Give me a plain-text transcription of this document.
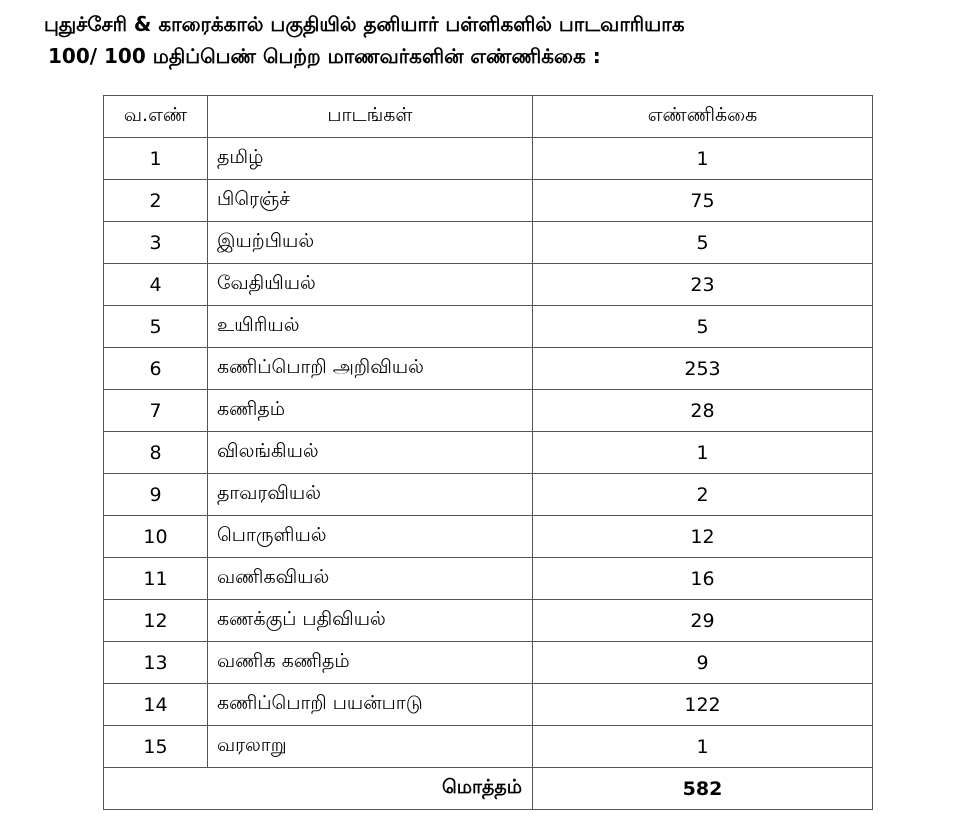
புதுச்சேரி & காரைக்கால் பகுதியில் தனியார் பள்ளிகளில் பாடவாரியாக
100/ 100 மதிப்பெண் பெற்ற மாணவர்களின் எண்ணிக்கை :
வ.எண்	பாடங்கள்	எண்ணிக்கை
1	தமிழ்	1
2	பிரெஞ்ச்	75
3	இயற்பியல்	5
4	வேதியியல்	23
5	உயிரியல்	5
6	கணிப்பொறி அறிவியல்	253
7	கணிதம்	28
8	விலங்கியல்	1
9	தாவரவியல்	2
10	பொருளியல்	12
11	வணிகவியல்	16
12	கணக்குப் பதிவியல்	29
13	வணிக கணிதம்	9
14	கணிப்பொறி பயன்பாடு	122
15	வரலாறு	1
மொத்தம்		582
